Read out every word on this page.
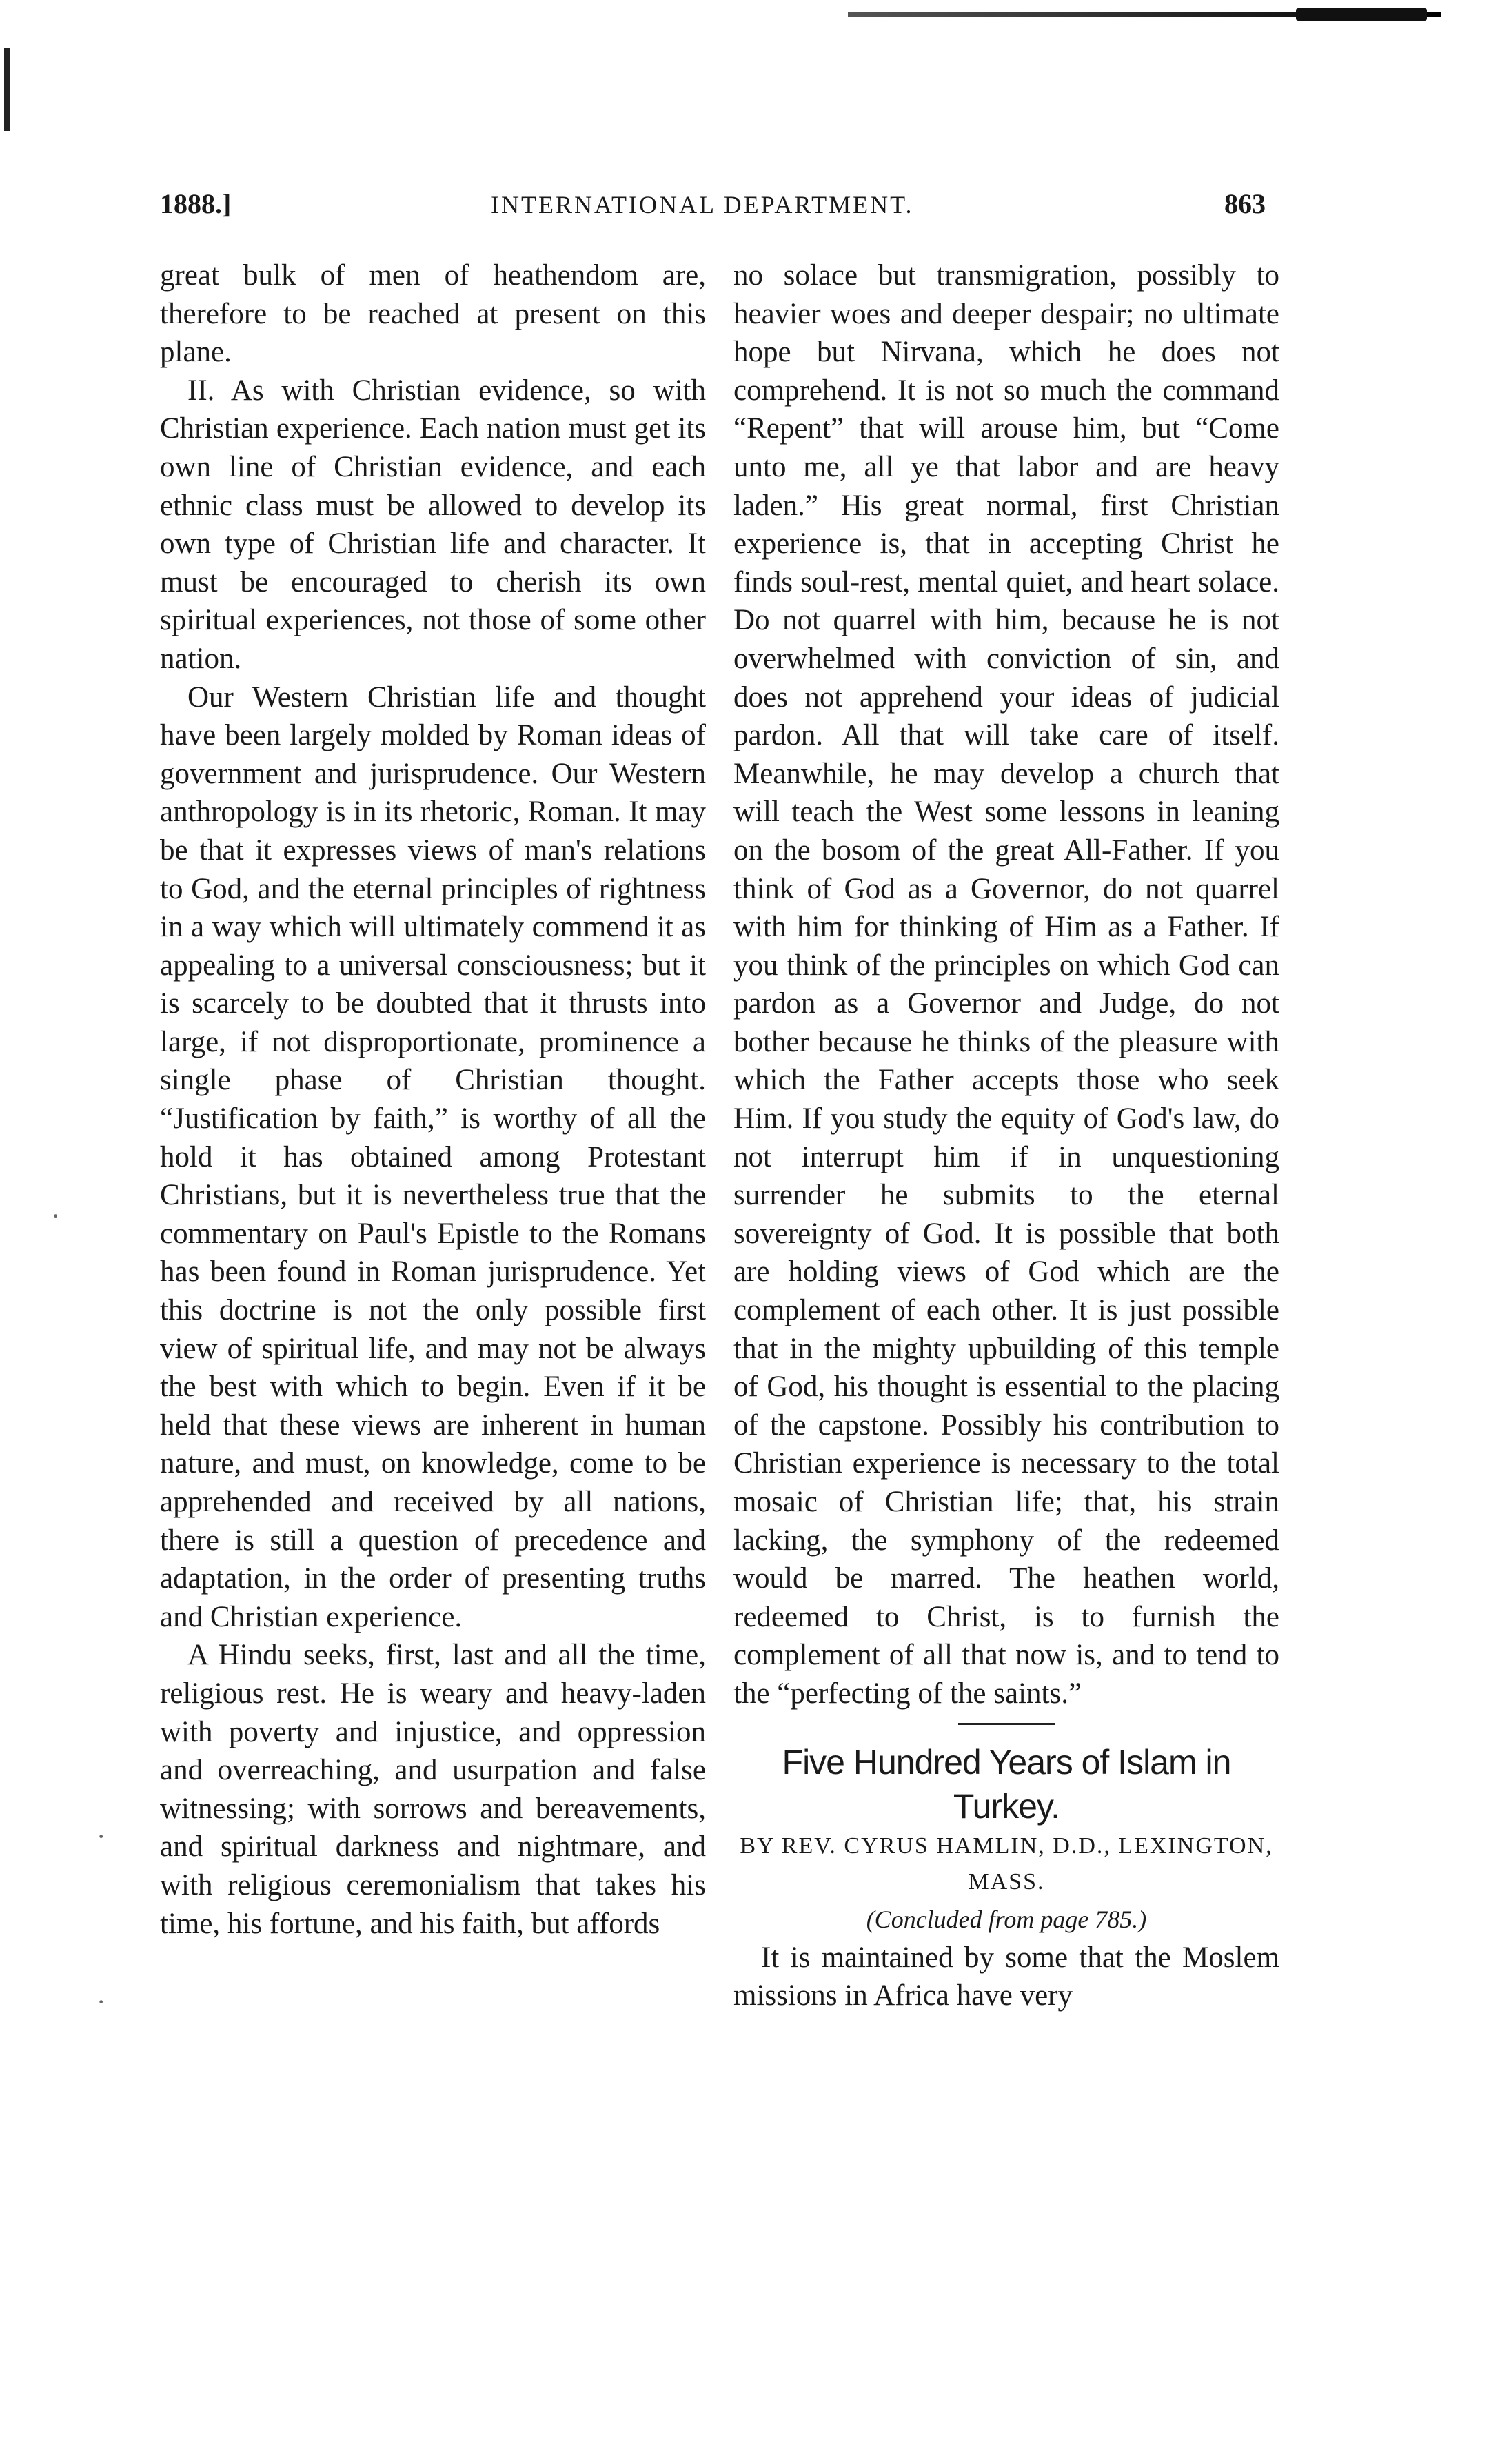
·
·
·
1888.]	INTERNATIONAL DEPARTMENT.	863

great bulk of men of heathendom are, therefore to be reached at present on this plane.

II. As with Christian evidence, so with Christian experience. Each nation must get its own line of Christian evidence, and each ethnic class must be allowed to develop its own type of Christian life and character. It must be encouraged to cherish its own spiritual experiences, not those of some other nation.

Our Western Christian life and thought have been largely molded by Roman ideas of government and jurisprudence. Our Western anthropology is in its rhetoric, Roman. It may be that it expresses views of man's relations to God, and the eternal principles of rightness in a way which will ultimately commend it as appealing to a universal consciousness; but it is scarcely to be doubted that it thrusts into large, if not disproportionate, prominence a single phase of Christian thought. “Justification by faith,” is worthy of all the hold it has obtained among Protestant Christians, but it is nevertheless true that the commentary on Paul's Epistle to the Romans has been found in Roman jurisprudence. Yet this doctrine is not the only possible first view of spiritual life, and may not be always the best with which to begin. Even if it be held that these views are inherent in human nature, and must, on knowledge, come to be apprehended and received by all nations, there is still a question of precedence and adaptation, in the order of presenting truths and Christian experience.

A Hindu seeks, first, last and all the time, religious rest. He is weary and heavy-laden with poverty and injustice, and oppression and overreaching, and usurpation and false witnessing; with sorrows and bereavements, and spiritual darkness and nightmare, and with religious ceremonialism that takes his time, his fortune, and his faith, but affords

no solace but transmigration, possibly to heavier woes and deeper despair; no ultimate hope but Nirvana, which he does not comprehend. It is not so much the command “Repent” that will arouse him, but “Come unto me, all ye that labor and are heavy laden.” His great normal, first Christian experience is, that in accepting Christ he finds soul-rest, mental quiet, and heart solace. Do not quarrel with him, because he is not overwhelmed with conviction of sin, and does not apprehend your ideas of judicial pardon. All that will take care of itself. Meanwhile, he may develop a church that will teach the West some lessons in leaning on the bosom of the great All-Father. If you think of God as a Governor, do not quarrel with him for thinking of Him as a Father. If you think of the principles on which God can pardon as a Governor and Judge, do not bother because he thinks of the pleasure with which the Father accepts those who seek Him. If you study the equity of God's law, do not interrupt him if in unquestioning surrender he submits to the eternal sovereignty of God. It is possible that both are holding views of God which are the complement of each other. It is just possible that in the mighty upbuilding of this temple of God, his thought is essential to the placing of the capstone. Possibly his contribution to Christian experience is necessary to the total mosaic of Christian life; that, his strain lacking, the symphony of the redeemed would be marred. The heathen world, redeemed to Christ, is to furnish the complement of all that now is, and to tend to the “perfecting of the saints.”

Five Hundred Years of Islam in Turkey.

BY REV. CYRUS HAMLIN, D.D., LEXINGTON, MASS.

(Concluded from page 785.)

It is maintained by some that the Moslem missions in Africa have very
